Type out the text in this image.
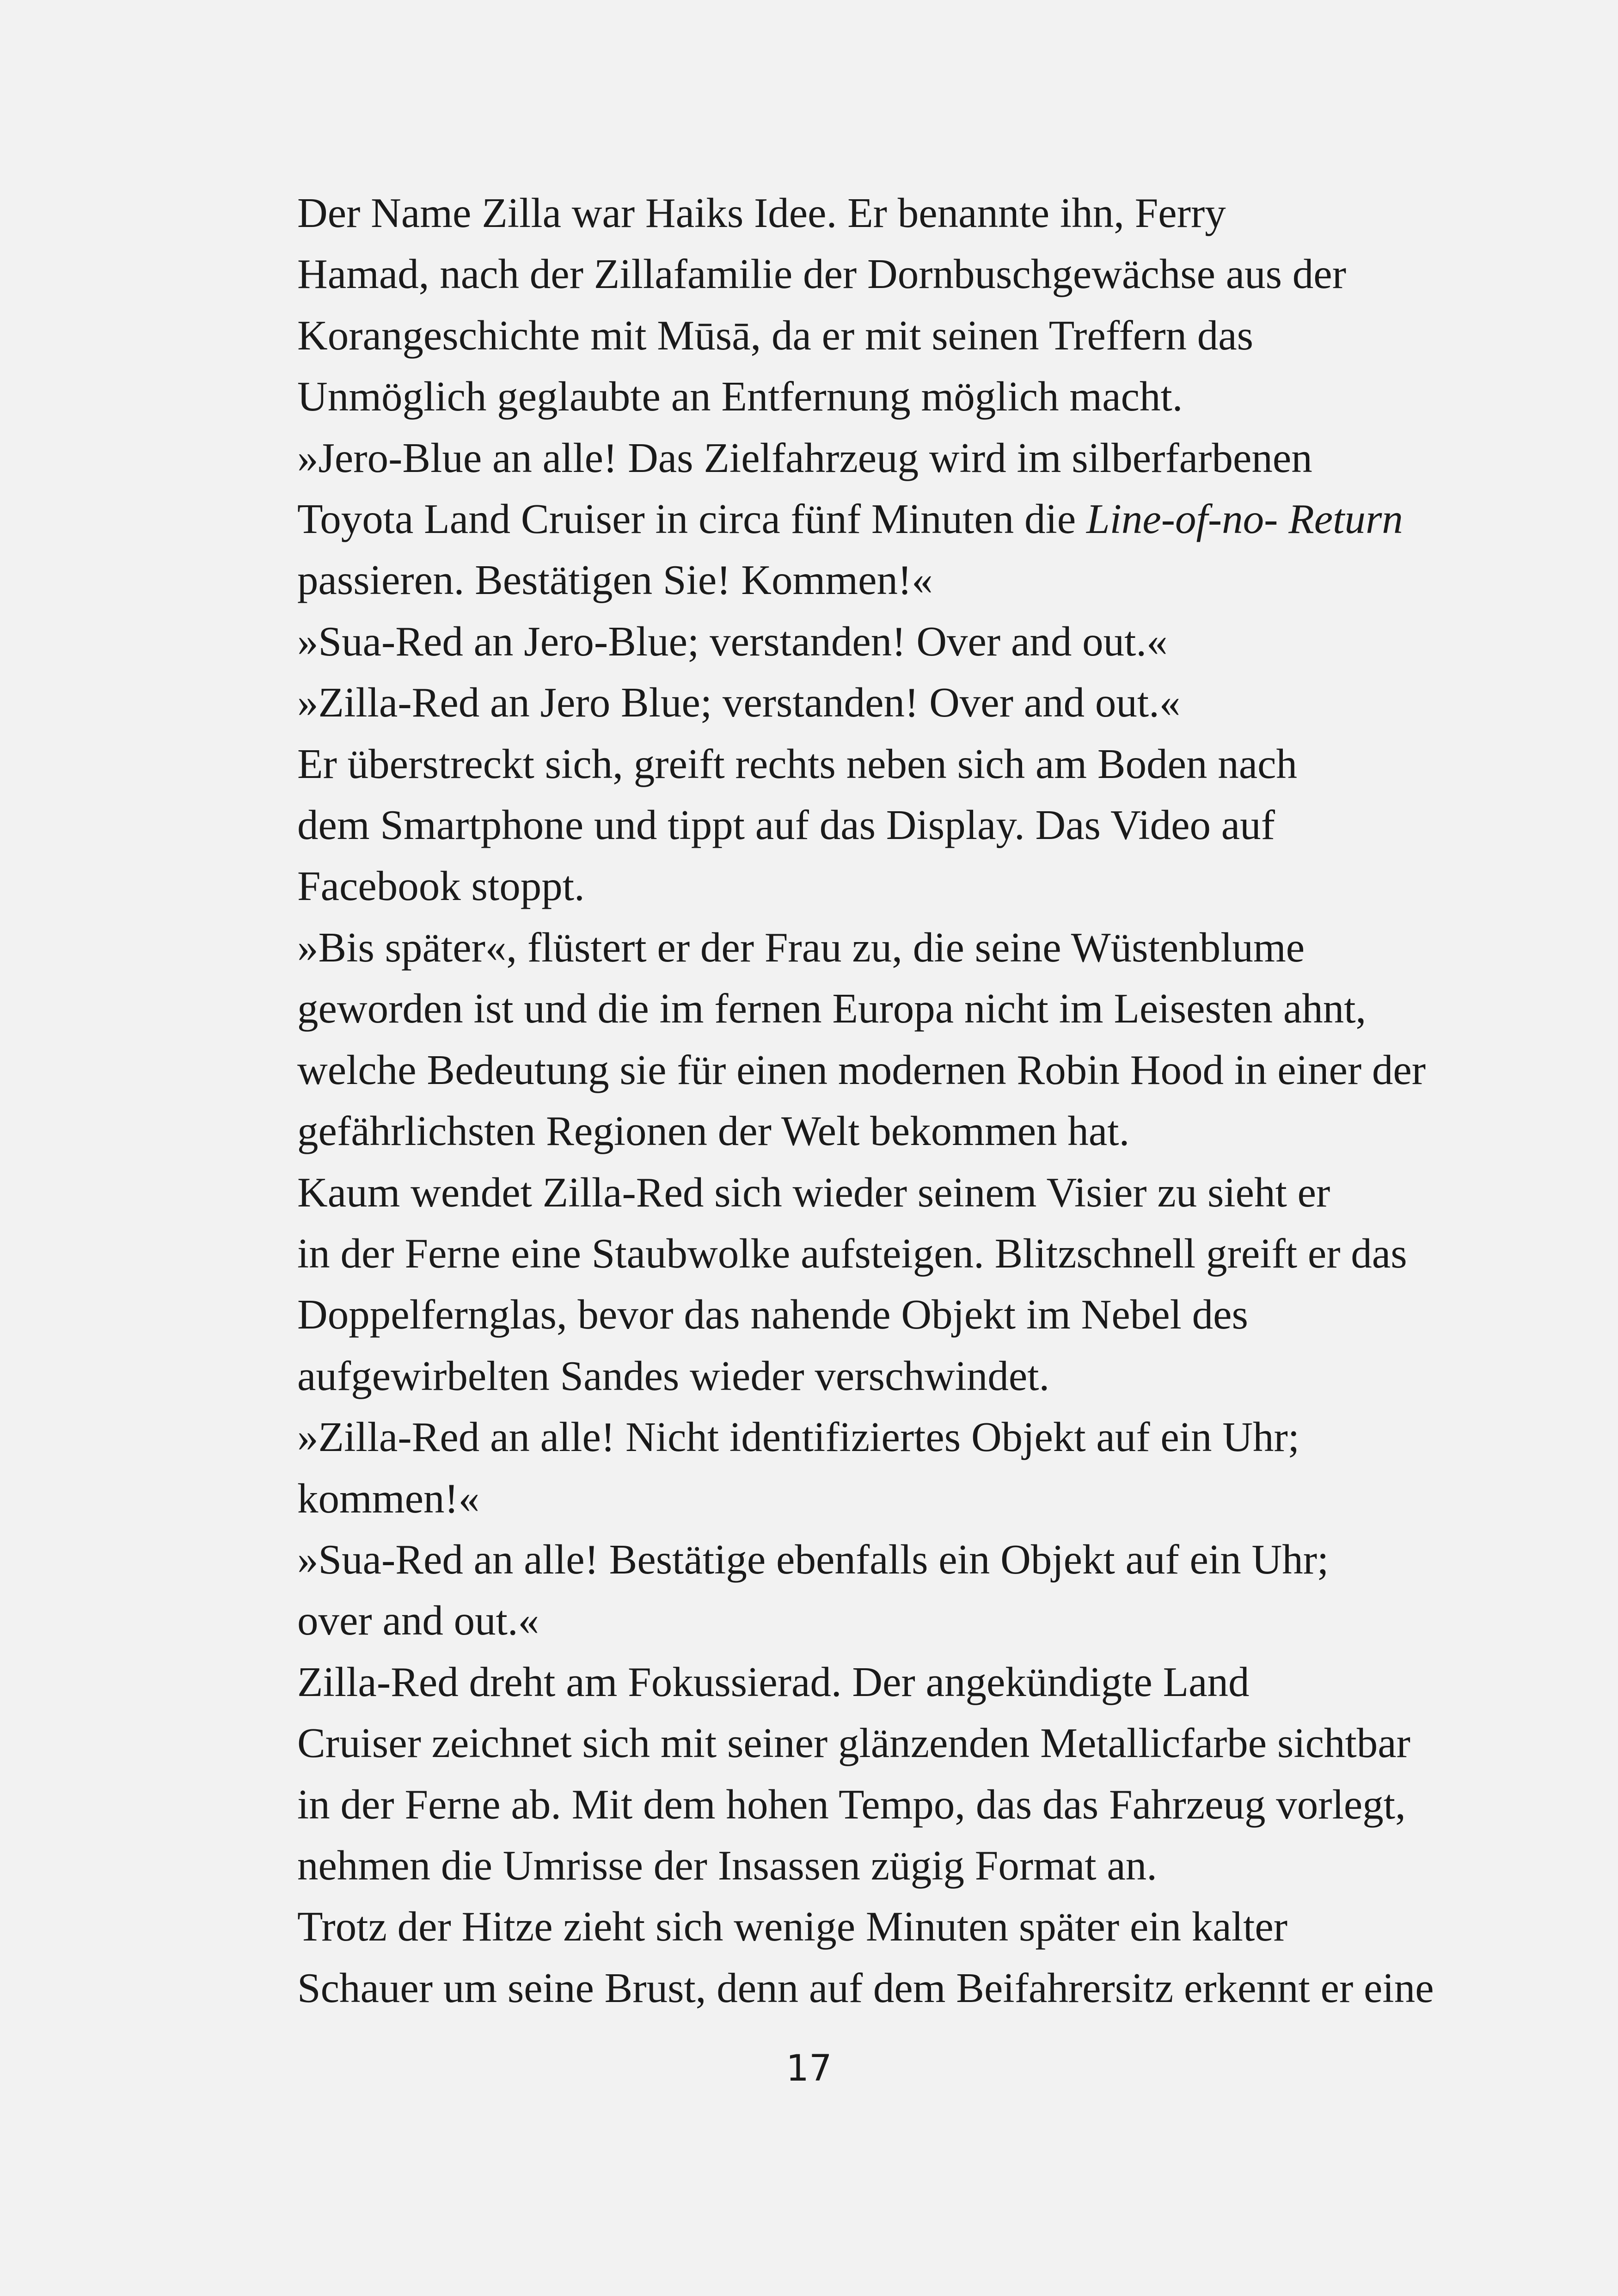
Der Name Zilla war Haiks Idee. Er benannte ihn, Ferry
Hamad, nach der Zillafamilie der Dornbuschgewächse aus der
Korangeschichte mit Mūsā, da er mit seinen Treffern das
Unmöglich geglaubte an Entfernung möglich macht.

»Jero-Blue an alle! Das Zielfahrzeug wird im silberfarbenen
Toyota Land Cruiser in circa fünf Minuten die Line-of-no- Return
passieren. Bestätigen Sie! Kommen!«

»Sua-Red an Jero-Blue; verstanden! Over and out.«

»Zilla-Red an Jero Blue; verstanden! Over and out.«

Er überstreckt sich, greift rechts neben sich am Boden nach
dem Smartphone und tippt auf das Display. Das Video auf
Facebook stoppt.

»Bis später«, flüstert er der Frau zu, die seine Wüstenblume
geworden ist und die im fernen Europa nicht im Leisesten ahnt,
welche Bedeutung sie für einen modernen Robin Hood in einer der
gefährlichsten Regionen der Welt bekommen hat.

Kaum wendet Zilla-Red sich wieder seinem Visier zu sieht er
in der Ferne eine Staubwolke aufsteigen. Blitzschnell greift er das
Doppelfernglas, bevor das nahende Objekt im Nebel des
aufgewirbelten Sandes wieder verschwindet.

»Zilla-Red an alle! Nicht identifiziertes Objekt auf ein Uhr;
kommen!«

»Sua-Red an alle! Bestätige ebenfalls ein Objekt auf ein Uhr;
over and out.«

Zilla-Red dreht am Fokussierad. Der angekündigte Land
Cruiser zeichnet sich mit seiner glänzenden Metallicfarbe sichtbar
in der Ferne ab. Mit dem hohen Tempo, das das Fahrzeug vorlegt,
nehmen die Umrisse der Insassen zügig Format an.

Trotz der Hitze zieht sich wenige Minuten später ein kalter
Schauer um seine Brust, denn auf dem Beifahrersitz erkennt er eine

17
